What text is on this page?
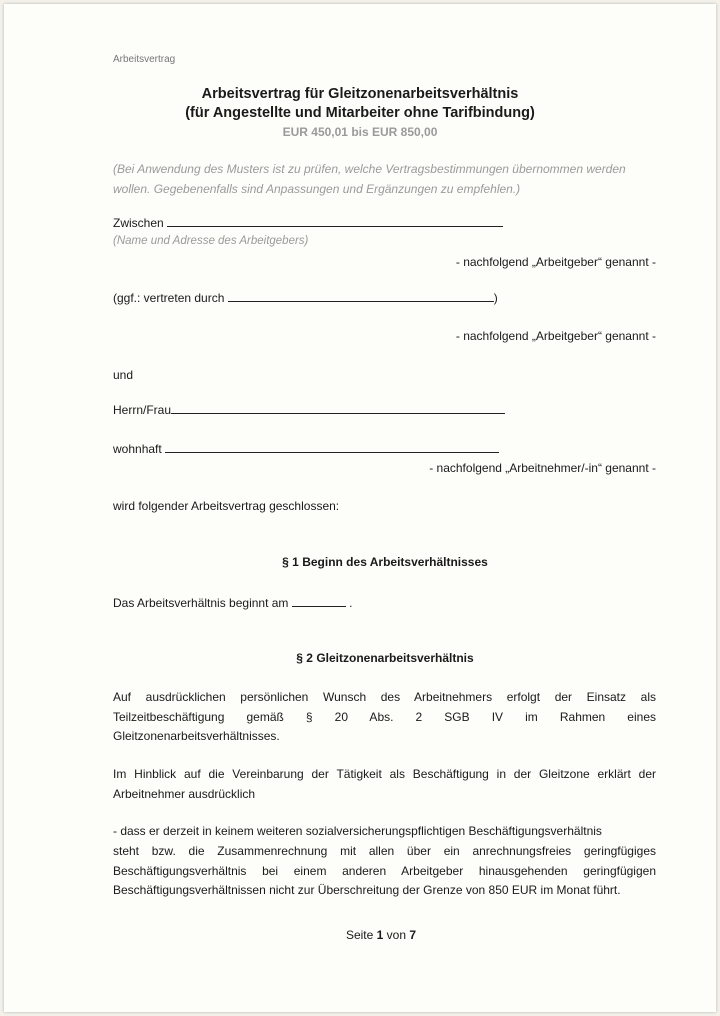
Arbeitsvertrag
Arbeitsvertrag für Gleitzonenarbeitsverhältnis
(für Angestellte und Mitarbeiter ohne Tarifbindung)
EUR 450,01 bis EUR 850,00
(Bei Anwendung des Musters ist zu prüfen, welche Vertragsbestimmungen übernommen werden wollen. Gegebenenfalls sind Anpassungen und Ergänzungen zu empfehlen.)
Zwischen
(Name und Adresse des Arbeitgebers)
- nachfolgend „Arbeitgeber“ genannt -
(ggf.: vertreten durch	)
- nachfolgend „Arbeitgeber“ genannt -
und
Herrn/Frau
wohnhaft
- nachfolgend „Arbeitnehmer/-in“ genannt -
wird folgender Arbeitsvertrag geschlossen:
§ 1 Beginn des Arbeitsverhältnisses
Das Arbeitsverhältnis beginnt am	.
§ 2 Gleitzonenarbeitsverhältnis
Auf ausdrücklichen persönlichen Wunsch des Arbeitnehmers erfolgt der Einsatz als
Teilzeitbeschäftigung gemäß § 20 Abs. 2 SGB IV im Rahmen eines
Gleitzonenarbeitsverhältnisses.
Im Hinblick auf die Vereinbarung der Tätigkeit als Beschäftigung in der Gleitzone erklärt der
Arbeitnehmer ausdrücklich
- dass er derzeit in keinem weiteren sozialversicherungspflichtigen Beschäftigungsverhältnis
steht bzw. die Zusammenrechnung mit allen über ein anrechnungsfreies geringfügiges
Beschäftigungsverhältnis bei einem anderen Arbeitgeber hinausgehenden geringfügigen
Beschäftigungsverhältnissen nicht zur Überschreitung der Grenze von 850 EUR im Monat führt.
Seite 1 von 7
